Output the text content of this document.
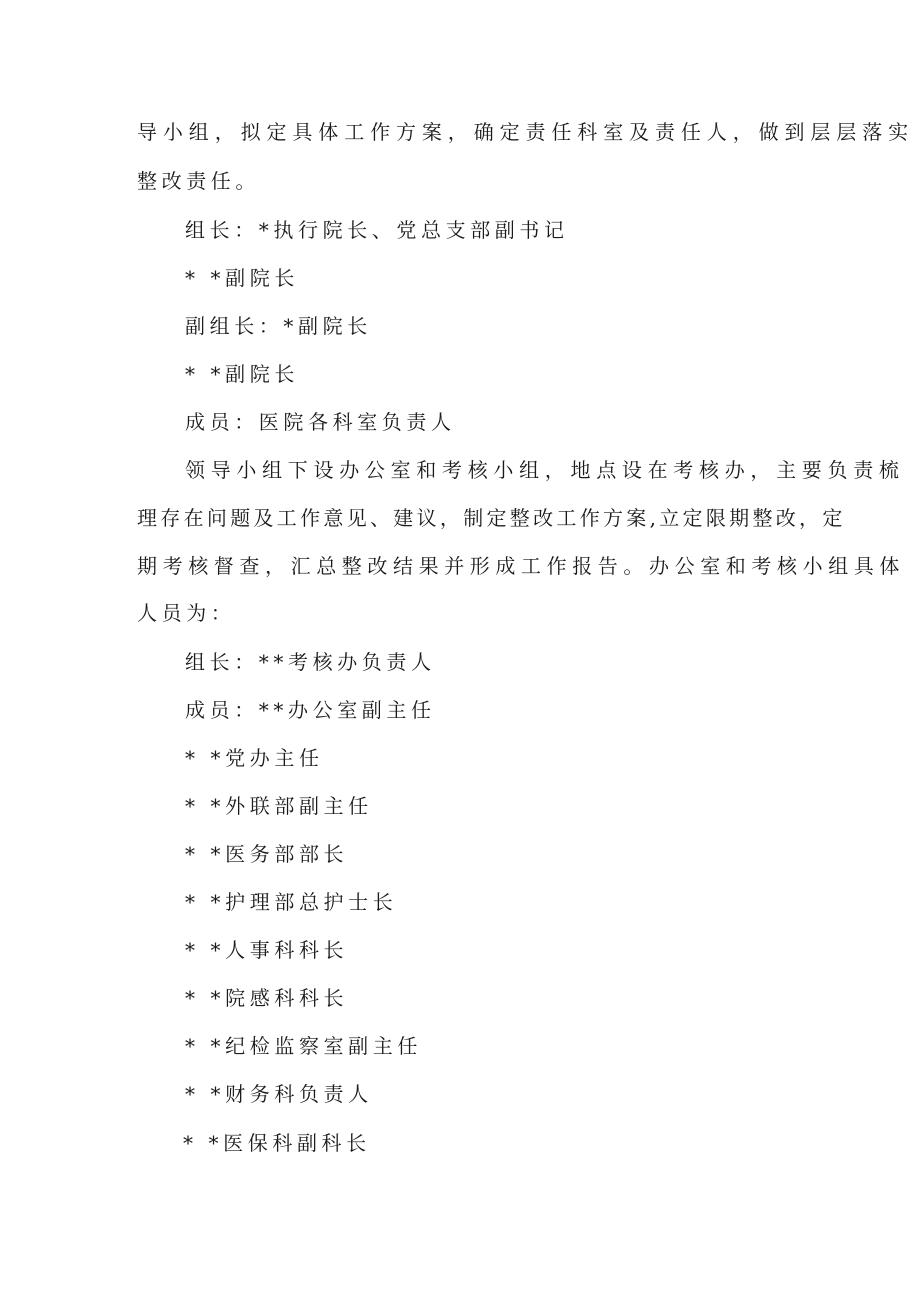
导小组，拟定具体工作方案，确定责任科室及责任人，做到层层落实
整改责任。
组长：*执行院长、党总支部副书记
* *副院长
副组长：*副院长
* *副院长
成员：医院各科室负责人
领导小组下设办公室和考核小组，地点设在考核办，主要负责梳
理存在问题及工作意见、建议，制定整改工作方案,立定限期整改，定
期考核督查，汇总整改结果并形成工作报告。办公室和考核小组具体
人员为：
组长：**考核办负责人
成员：**办公室副主任
* *党办主任
* *外联部副主任
* *医务部部长
* *护理部总护士长
* *人事科科长
* *院感科科长
* *纪检监察室副主任
* *财务科负责人
* *医保科副科长
